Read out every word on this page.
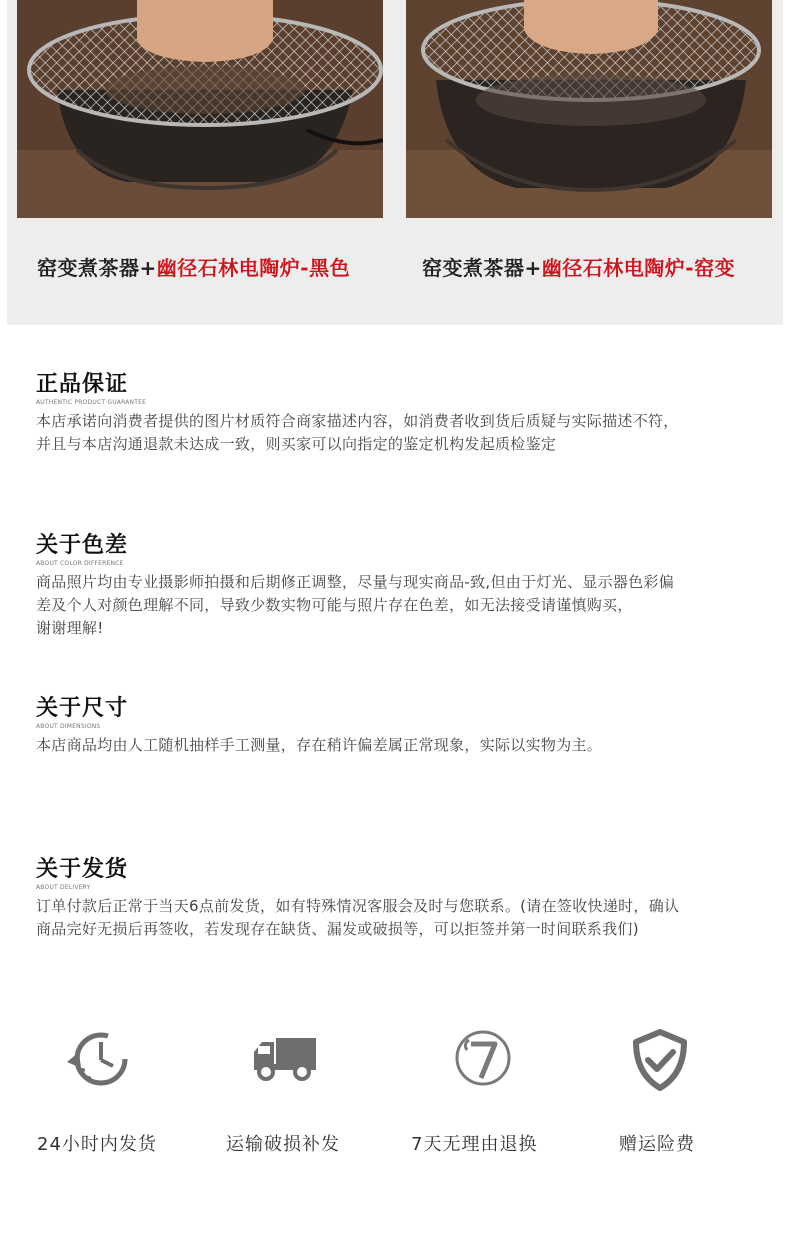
窑变煮茶器+幽径石林电陶炉-黑色	窑变煮茶器+幽径石林电陶炉-窑变
正品保证
AUTHENTIC PRODUCT GUARANTEE
本店承诺向消费者提供的图片材质符合商家描述内容，如消费者收到货后质疑与实际描述不符，
并且与本店沟通退款未达成一致，则买家可以向指定的鉴定机构发起质检鉴定
关于色差
ABOUT COLOR DIFFERENCE
商品照片均由专业摄影师拍摄和后期修正调整，尽量与现实商品-致,但由于灯光、显示器色彩偏
差及个人对颜色理解不同，导致少数实物可能与照片存在色差，如无法接受请谨慎购买，
谢谢理解!
关于尺寸
ABOUT DIMENSIONS
本店商品均由人工随机抽样手工测量，存在稍许偏差属正常现象，实际以实物为主。
关于发货
ABOUT DELIVERY
订单付款后正常于当天6点前发货，如有特殊情况客服会及时与您联系。(请在签收快递时，确认
商品完好无损后再签收，若发现存在缺货、漏发或破损等，可以拒签并第一时间联系我们)
24小时内发货	运输破损补发	7天无理由退换	赠运险费
